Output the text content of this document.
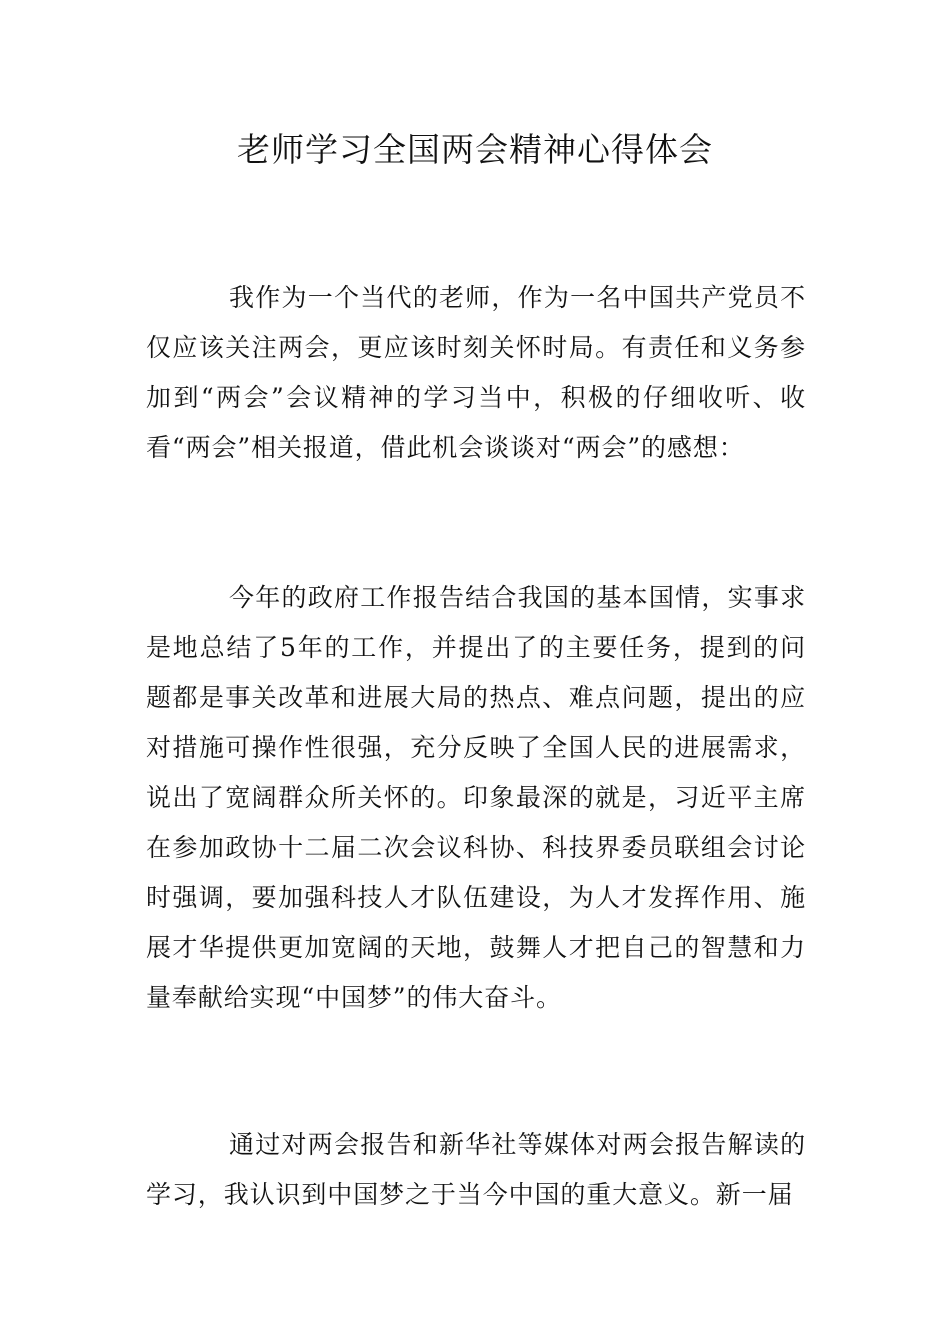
老师学习全国两会精神心得体会

我作为一个当代的老师，作为一名中国共产党员不仅应该关注两会，更应该时刻关怀时局。有责任和义务参加到“两会”会议精神的学习当中，积极的仔细收听、收看“两会”相关报道，借此机会谈谈对“两会”的感想：

今年的政府工作报告结合我国的基本国情，实事求是地总结了5年的工作，并提出了的主要任务，提到的问题都是事关改革和进展大局的热点、难点问题，提出的应对措施可操作性很强，充分反映了全国人民的进展需求，说出了宽阔群众所关怀的。印象最深的就是，习近平主席在参加政协十二届二次会议科协、科技界委员联组会讨论时强调，要加强科技人才队伍建设，为人才发挥作用、施展才华提供更加宽阔的天地，鼓舞人才把自己的智慧和力量奉献给实现“中国梦”的伟大奋斗。

通过对两会报告和新华社等媒体对两会报告解读的学习，我认识到中国梦之于当今中国的重大意义。新一届
